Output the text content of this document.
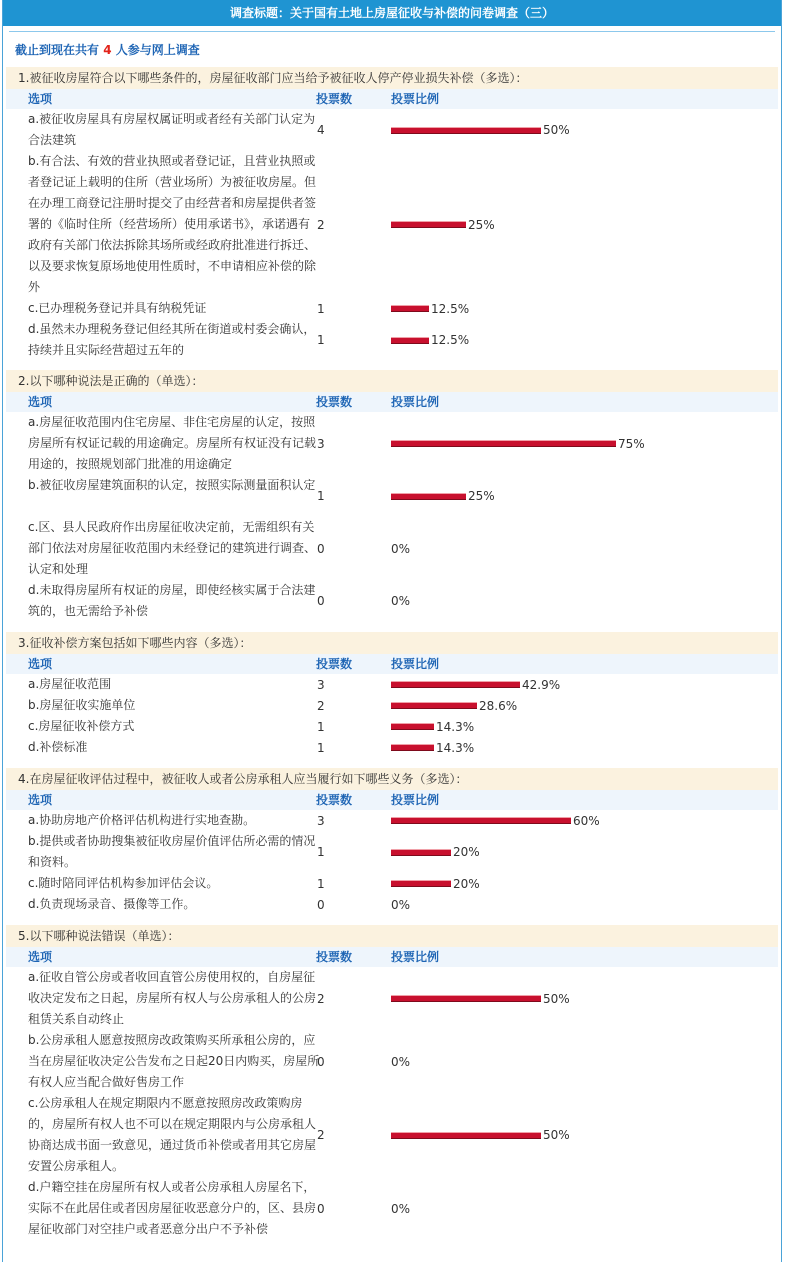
调查标题：关于国有土地上房屋征收与补偿的问卷调查（三）
截止到现在共有 4 人参与网上调查
1.被征收房屋符合以下哪些条件的，房屋征收部门应当给予被征收人停产停业损失补偿（多选）：
选项	投票数	投票比例
a.被征收房屋具有房屋权属证明或者经有关部门认定为合法建筑
4	50%
b.有合法、有效的营业执照或者登记证，且营业执照或者登记证上载明的住所（营业场所）为被征收房屋。但在办理工商登记注册时提交了由经营者和房屋提供者签署的《临时住所（经营场所）使用承诺书》，承诺遇有政府有关部门依法拆除其场所或经政府批准进行拆迁、以及要求恢复原场地使用性质时，不申请相应补偿的除外
2	25%
c.已办理税务登记并具有纳税凭证	1	12.5%
d.虽然未办理税务登记但经其所在街道或村委会确认，持续并且实际经营超过五年的
1	12.5%
2.以下哪种说法是正确的（单选）：
选项	投票数	投票比例
a.房屋征收范围内住宅房屋、非住宅房屋的认定，按照房屋所有权证记载的用途确定。房屋所有权证没有记载用途的，按照规划部门批准的用途确定
3	75%
b.被征收房屋建筑面积的认定，按照实际测量面积认定
1	25%
c.区、县人民政府作出房屋征收决定前，无需组织有关部门依法对房屋征收范围内未经登记的建筑进行调查、认定和处理
0	0%
d.未取得房屋所有权证的房屋，即使经核实属于合法建筑的，也无需给予补偿
0	0%
3.征收补偿方案包括如下哪些内容（多选）：
选项	投票数	投票比例
a.房屋征收范围	3	42.9%
b.房屋征收实施单位	2	28.6%
c.房屋征收补偿方式	1	14.3%
d.补偿标准	1	14.3%
4.在房屋征收评估过程中，被征收人或者公房承租人应当履行如下哪些义务（多选）：
选项	投票数	投票比例
a.协助房地产价格评估机构进行实地查勘。	3	60%
b.提供或者协助搜集被征收房屋价值评估所必需的情况和资料。
1	20%
c.随时陪同评估机构参加评估会议。	1	20%
d.负责现场录音、摄像等工作。	0	0%
5.以下哪种说法错误（单选）：
选项	投票数	投票比例
a.征收自管公房或者收回直管公房使用权的，自房屋征收决定发布之日起，房屋所有权人与公房承租人的公房租赁关系自动终止
2	50%
b.公房承租人愿意按照房改政策购买所承租公房的，应当在房屋征收决定公告发布之日起20日内购买，房屋所有权人应当配合做好售房工作
0	0%
c.公房承租人在规定期限内不愿意按照房改政策购房的，房屋所有权人也不可以在规定期限内与公房承租人协商达成书面一致意见，通过货币补偿或者用其它房屋安置公房承租人。
2	50%
d.户籍空挂在房屋所有权人或者公房承租人房屋名下，实际不在此居住或者因房屋征收恶意分户的，区、县房屋征收部门对空挂户或者恶意分出户不予补偿
0	0%
